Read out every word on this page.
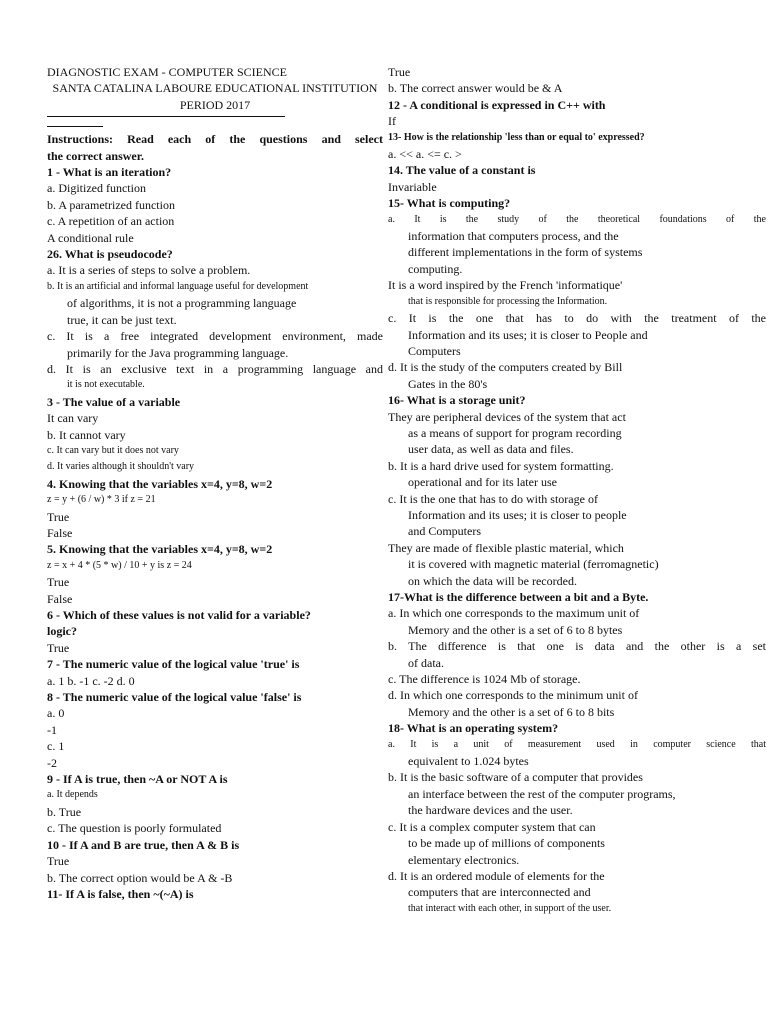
DIAGNOSTIC EXAM - COMPUTER SCIENCE
SANTA CATALINA LABOURE EDUCATIONAL INSTITUTION
PERIOD 2017
Instructions: Read each of the questions and select
the correct answer.
1 - What is an iteration?
a. Digitized function
b. A parametrized function
c. A repetition of an action
A conditional rule
26. What is pseudocode?
a. It is a series of steps to solve a problem.
b. It is an artificial and informal language useful for development
of algorithms, it is not a programming language
true, it can be just text.
c. It is a free integrated development environment, made
primarily for the Java programming language.
d. It is an exclusive text in a programming language and
it is not executable.
3 - The value of a variable
It can vary
b. It cannot vary
c. It can vary but it does not vary
d. It varies although it shouldn't vary
4. Knowing that the variables x=4, y=8, w=2
z = y + (6 / w) * 3 if z = 21
True
False
5. Knowing that the variables x=4, y=8, w=2
z = x + 4 * (5 * w) / 10 + y is z = 24
True
False
6 - Which of these values is not valid for a variable?
logic?
True
7 - The numeric value of the logical value 'true' is
a. 1 b. -1 c. -2 d. 0
8 - The numeric value of the logical value 'false' is
a. 0
-1
c. 1
-2
9 - If A is true, then ~A or NOT A is
a. It depends
b. True
c. The question is poorly formulated
10 - If A and B are true, then A & B is
True
b. The correct option would be A & -B
11- If A is false, then ~(~A) is
True
b. The correct answer would be & A
12 - A conditional is expressed in C++ with
If
13- How is the relationship 'less than or equal to' expressed?
a. << a. <= c. >
14. The value of a constant is
Invariable
15- What is computing?
a. It is the study of the theoretical foundations of the
information that computers process, and the
different implementations in the form of systems
computing.
It is a word inspired by the French 'informatique'
that is responsible for processing the Information.
c. It is the one that has to do with the treatment of the
Information and its uses; it is closer to People and
Computers
d. It is the study of the computers created by Bill
Gates in the 80's
16- What is a storage unit?
They are peripheral devices of the system that act
as a means of support for program recording
user data, as well as data and files.
b. It is a hard drive used for system formatting.
operational and for its later use
c. It is the one that has to do with storage of
Information and its uses; it is closer to people
and Computers
They are made of flexible plastic material, which
it is covered with magnetic material (ferromagnetic)
on which the data will be recorded.
17-What is the difference between a bit and a Byte.
a. In which one corresponds to the maximum unit of
Memory and the other is a set of 6 to 8 bytes
b. The difference is that one is data and the other is a set
of data.
c. The difference is 1024 Mb of storage.
d. In which one corresponds to the minimum unit of
Memory and the other is a set of 6 to 8 bits
18- What is an operating system?
a. It is a unit of measurement used in computer science that
equivalent to 1.024 bytes
b. It is the basic software of a computer that provides
an interface between the rest of the computer programs,
the hardware devices and the user.
c. It is a complex computer system that can
to be made up of millions of components
elementary electronics.
d. It is an ordered module of elements for the
computers that are interconnected and
that interact with each other, in support of the user.
